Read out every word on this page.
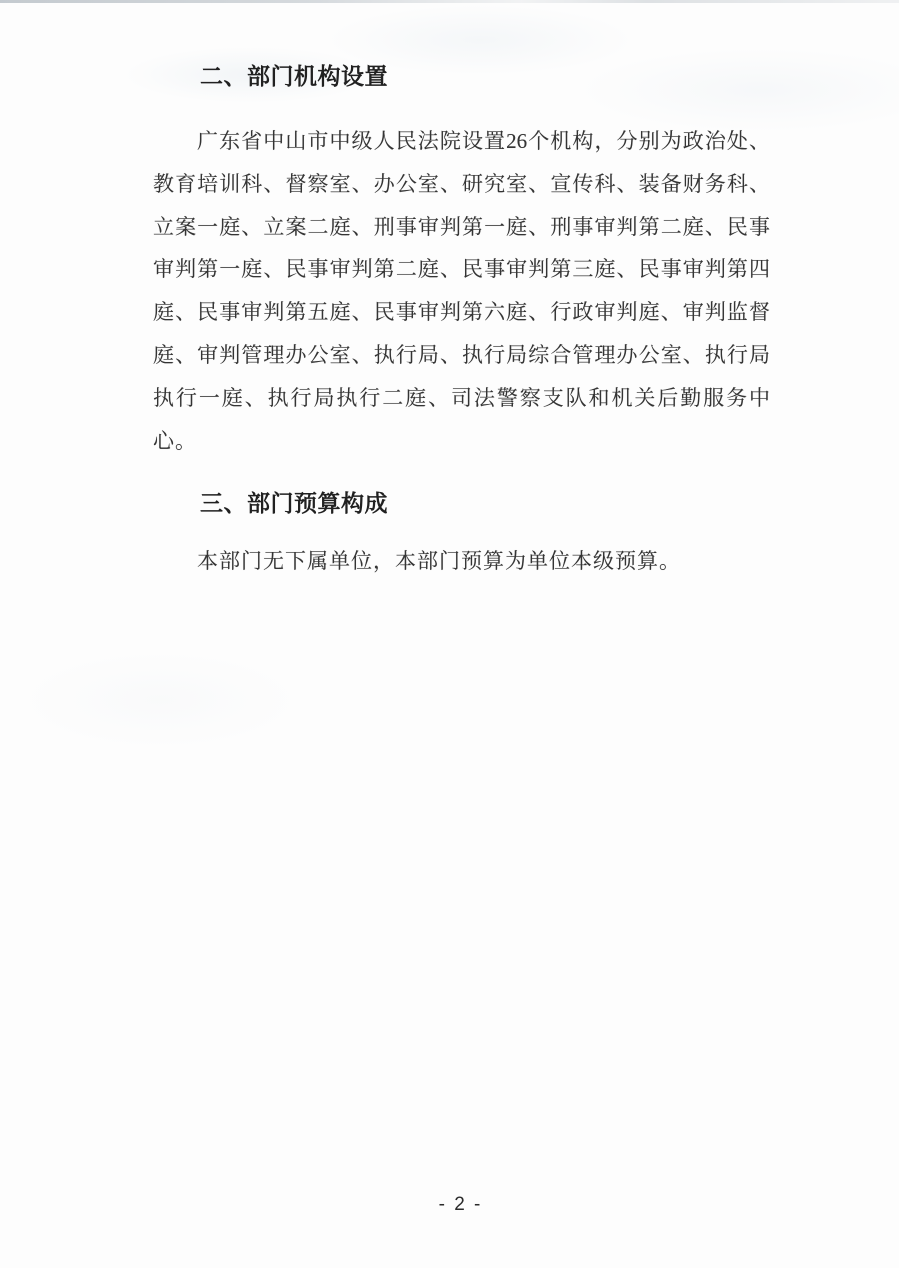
二、部门机构设置
广东省中山市中级人民法院设置26个机构，分别为政治处、
教育培训科、督察室、办公室、研究室、宣传科、装备财务科、
立案一庭、立案二庭、刑事审判第一庭、刑事审判第二庭、民事
审判第一庭、民事审判第二庭、民事审判第三庭、民事审判第四
庭、民事审判第五庭、民事审判第六庭、行政审判庭、审判监督
庭、审判管理办公室、执行局、执行局综合管理办公室、执行局
执行一庭、执行局执行二庭、司法警察支队和机关后勤服务中
心。
三、部门预算构成
本部门无下属单位，本部门预算为单位本级预算。
- 2 -
